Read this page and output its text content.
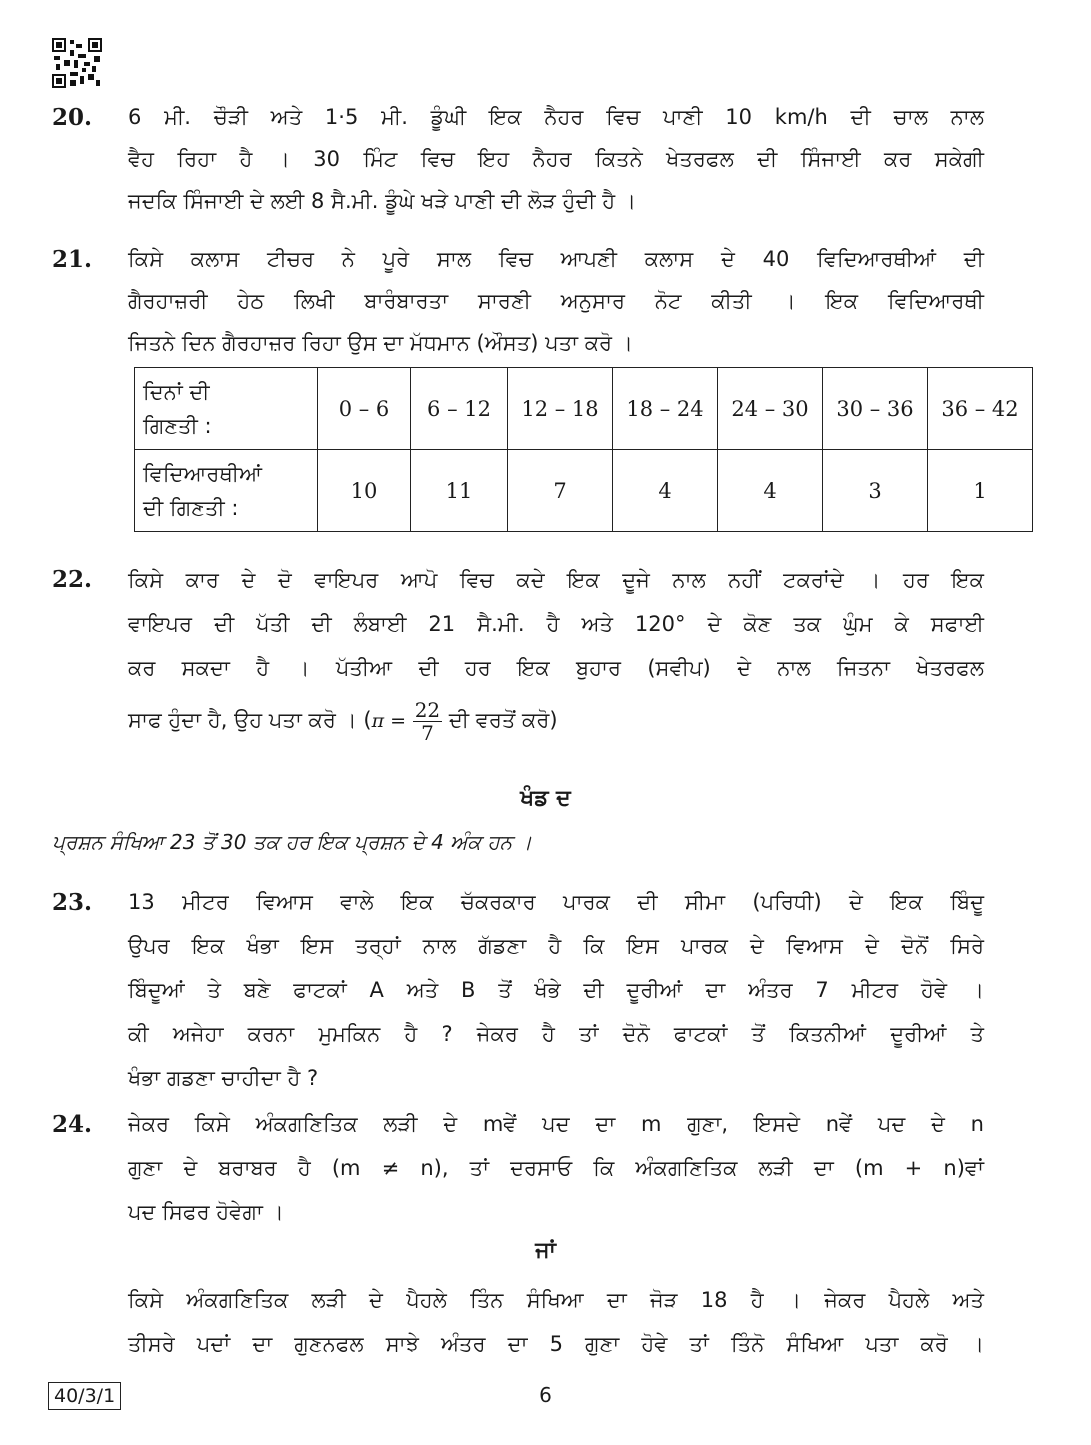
20. 6 ਮੀ. ਚੌੜੀ ਅਤੇ 1·5 ਮੀ. ਡੂੰਘੀ ਇਕ ਨੈਹਰ ਵਿਚ ਪਾਣੀ 10 km/h ਦੀ ਚਾਲ ਨਾਲ
ਵੈਹ ਰਿਹਾ ਹੈ । 30 ਮਿੰਟ ਵਿਚ ਇਹ ਨੈਹਰ ਕਿਤਨੇ ਖੇਤਰਫਲ ਦੀ ਸਿੰਜਾਈ ਕਰ ਸਕੇਗੀ
ਜਦਕਿ ਸਿੰਜਾਈ ਦੇ ਲਈ 8 ਸੈ.ਮੀ. ਡੂੰਘੇ ਖੜੇ ਪਾਣੀ ਦੀ ਲੋੜ ਹੁੰਦੀ ਹੈ ।
21. ਕਿਸੇ ਕਲਾਸ ਟੀਚਰ ਨੇ ਪੂਰੇ ਸਾਲ ਵਿਚ ਆਪਣੀ ਕਲਾਸ ਦੇ 40 ਵਿਦਿਆਰਥੀਆਂ ਦੀ
ਗੈਰਹਾਜ਼ਰੀ ਹੇਠ ਲਿਖੀ ਬਾਰੰਬਾਰਤਾ ਸਾਰਣੀ ਅਨੁਸਾਰ ਨੋਟ ਕੀਤੀ । ਇਕ ਵਿਦਿਆਰਥੀ
ਜਿਤਨੇ ਦਿਨ ਗੈਰਹਾਜ਼ਰ ਰਿਹਾ ਉਸ ਦਾ ਮੱਧਮਾਨ (ਔਸਤ) ਪਤਾ ਕਰੋ ।
ਦਿਨਾਂ ਦੀ
ਗਿਣਤੀ :	0 – 6	6 – 12	12 – 18	18 – 24	24 – 30	30 – 36	36 – 42
ਵਿਦਿਆਰਥੀਆਂ
ਦੀ ਗਿਣਤੀ :	10	11	7	4	4	3	1
22. ਕਿਸੇ ਕਾਰ ਦੇ ਦੋ ਵਾਇਪਰ ਆਪੋ ਵਿਚ ਕਦੇ ਇਕ ਦੂਜੇ ਨਾਲ ਨਹੀਂ ਟਕਰਾਂਦੇ । ਹਰ ਇਕ
ਵਾਇਪਰ ਦੀ ਪੱਤੀ ਦੀ ਲੰਬਾਈ 21 ਸੈ.ਮੀ. ਹੈ ਅਤੇ 120° ਦੇ ਕੋਣ ਤਕ ਘੁੰਮ ਕੇ ਸਫਾਈ
ਕਰ ਸਕਦਾ ਹੈ । ਪੱਤੀਆ ਦੀ ਹਰ ਇਕ ਬੁਹਾਰ (ਸਵੀਪ) ਦੇ ਨਾਲ ਜਿਤਨਾ ਖੇਤਰਫਲ
ਸਾਫ ਹੁੰਦਾ ਹੈ, ਉਹ ਪਤਾ ਕਰੋ । ($\pi = \frac{22}{7}$ ਦੀ ਵਰਤੋਂ ਕਰੋ)
ਖੰਡ ਦ
ਪ੍ਰਸ਼ਨ ਸੰਖਿਆ 23 ਤੋਂ 30 ਤਕ ਹਰ ਇਕ ਪ੍ਰਸ਼ਨ ਦੇ 4 ਅੰਕ ਹਨ ।
23. 13 ਮੀਟਰ ਵਿਆਸ ਵਾਲੇ ਇਕ ਚੱਕਰਕਾਰ ਪਾਰਕ ਦੀ ਸੀਮਾ (ਪਰਿਧੀ) ਦੇ ਇਕ ਬਿੰਦੂ
ਉਪਰ ਇਕ ਖੰਭਾ ਇਸ ਤਰ੍ਹਾਂ ਨਾਲ ਗੱਡਣਾ ਹੈ ਕਿ ਇਸ ਪਾਰਕ ਦੇ ਵਿਆਸ ਦੇ ਦੋਨੋਂ ਸਿਰੇ
ਬਿੰਦੂਆਂ ਤੇ ਬਣੇ ਫਾਟਕਾਂ A ਅਤੇ B ਤੋਂ ਖੰਭੇ ਦੀ ਦੂਰੀਆਂ ਦਾ ਅੰਤਰ 7 ਮੀਟਰ ਹੋਵੇ ।
ਕੀ ਅਜੇਹਾ ਕਰਨਾ ਮੁਮਕਿਨ ਹੈ ? ਜੇਕਰ ਹੈ ਤਾਂ ਦੋਨੋ ਫਾਟਕਾਂ ਤੋਂ ਕਿਤਨੀਆਂ ਦੂਰੀਆਂ ਤੇ
ਖੰਭਾ ਗਡਣਾ ਚਾਹੀਦਾ ਹੈ ?
24. ਜੇਕਰ ਕਿਸੇ ਅੰਕਗਣਿਤਿਕ ਲੜੀ ਦੇ mਵੇਂ ਪਦ ਦਾ m ਗੁਣਾ, ਇਸਦੇ nਵੇਂ ਪਦ ਦੇ n
ਗੁਣਾ ਦੇ ਬਰਾਬਰ ਹੈ (m ≠ n), ਤਾਂ ਦਰਸਾਓ ਕਿ ਅੰਕਗਣਿਤਿਕ ਲੜੀ ਦਾ (m + n)ਵਾਂ
ਪਦ ਸਿਫਰ ਹੋਵੇਗਾ ।
ਜਾਂ
ਕਿਸੇ ਅੰਕਗਣਿਤਿਕ ਲੜੀ ਦੇ ਪੈਹਲੇ ਤਿੰਨ ਸੰਖਿਆ ਦਾ ਜੋੜ 18 ਹੈ । ਜੇਕਰ ਪੈਹਲੇ ਅਤੇ
ਤੀਸਰੇ ਪਦਾਂ ਦਾ ਗੁਣਨਫਲ ਸਾਝੇ ਅੰਤਰ ਦਾ 5 ਗੁਣਾ ਹੋਵੇ ਤਾਂ ਤਿੰਨੋ ਸੰਖਿਆ ਪਤਾ ਕਰੋ ।
40/3/1	6
